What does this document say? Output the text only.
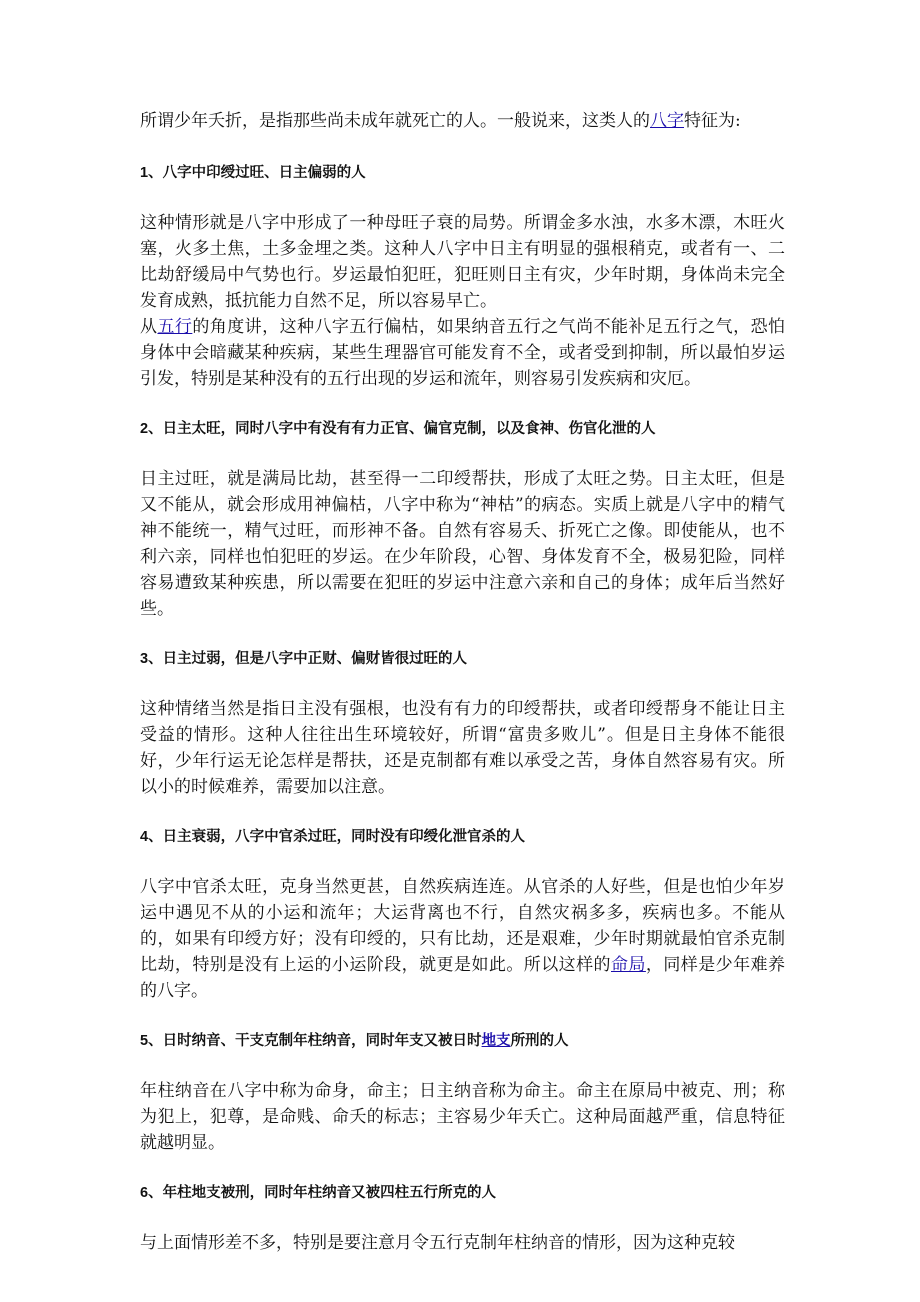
所谓少年夭折，是指那些尚未成年就死亡的人。一般说来，这类人的八字特征为:

1、八字中印绶过旺、日主偏弱的人

这种情形就是八字中形成了一种母旺子衰的局势。所谓金多水浊，水多木漂，木旺火塞，火多土焦，土多金埋之类。这种人八字中日主有明显的强根稍克，或者有一、二比劫舒缓局中气势也行。岁运最怕犯旺，犯旺则日主有灾，少年时期，身体尚未完全发育成熟，抵抗能力自然不足，所以容易早亡。

从五行的角度讲，这种八字五行偏枯，如果纳音五行之气尚不能补足五行之气，恐怕身体中会暗藏某种疾病，某些生理器官可能发育不全，或者受到抑制，所以最怕岁运引发，特别是某种没有的五行出现的岁运和流年，则容易引发疾病和灾厄。

2、日主太旺，同时八字中有没有有力正官、偏官克制，以及食神、伤官化泄的人

日主过旺，就是满局比劫，甚至得一二印绶帮扶，形成了太旺之势。日主太旺，但是又不能从，就会形成用神偏枯，八字中称为“神枯”的病态。实质上就是八字中的精气神不能统一，精气过旺，而形神不备。自然有容易夭、折死亡之像。即使能从，也不利六亲，同样也怕犯旺的岁运。在少年阶段，心智、身体发育不全，极易犯险，同样容易遭致某种疾患，所以需要在犯旺的岁运中注意六亲和自己的身体；成年后当然好些。

3、日主过弱，但是八字中正财、偏财皆很过旺的人

这种情绪当然是指日主没有强根，也没有有力的印绶帮扶，或者印绶帮身不能让日主受益的情形。这种人往往出生环境较好，所谓“富贵多败儿”。但是日主身体不能很好，少年行运无论怎样是帮扶，还是克制都有难以承受之苦，身体自然容易有灾。所以小的时候难养，需要加以注意。

4、日主衰弱，八字中官杀过旺，同时没有印绶化泄官杀的人

八字中官杀太旺，克身当然更甚，自然疾病连连。从官杀的人好些，但是也怕少年岁运中遇见不从的小运和流年；大运背离也不行，自然灾祸多多，疾病也多。不能从的，如果有印绶方好；没有印绶的，只有比劫，还是艰难，少年时期就最怕官杀克制比劫，特别是没有上运的小运阶段，就更是如此。所以这样的命局，同样是少年难养的八字。

5、日时纳音、干支克制年柱纳音，同时年支又被日时地支所刑的人

年柱纳音在八字中称为命身，命主；日主纳音称为命主。命主在原局中被克、刑；称为犯上，犯尊，是命贱、命夭的标志；主容易少年夭亡。这种局面越严重，信息特征就越明显。

6、年柱地支被刑，同时年柱纳音又被四柱五行所克的人

与上面情形差不多，特别是要注意月令五行克制年柱纳音的情形，因为这种克较
